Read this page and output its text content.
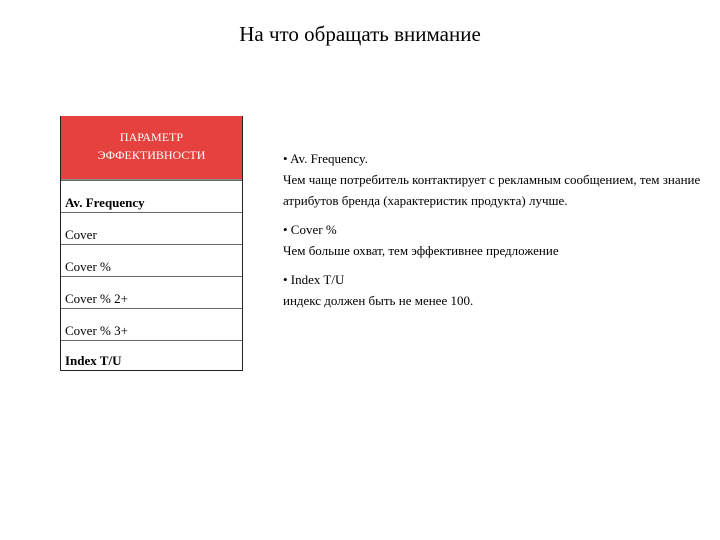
На что обращать внимание
ПАРАМЕТР
ЭФФЕКТИВНОСТИ
Av. Frequency
Cover
Cover %
Cover % 2+
Cover % 3+
Index T/U
• Av. Frequency.
Чем чаще потребитель контактирует с рекламным сообщением, тем знание атрибутов бренда (характеристик продукта) лучше.
• Cover %
Чем больше охват, тем эффективнее предложение
• Index T/U
индекс должен быть не менее 100.
